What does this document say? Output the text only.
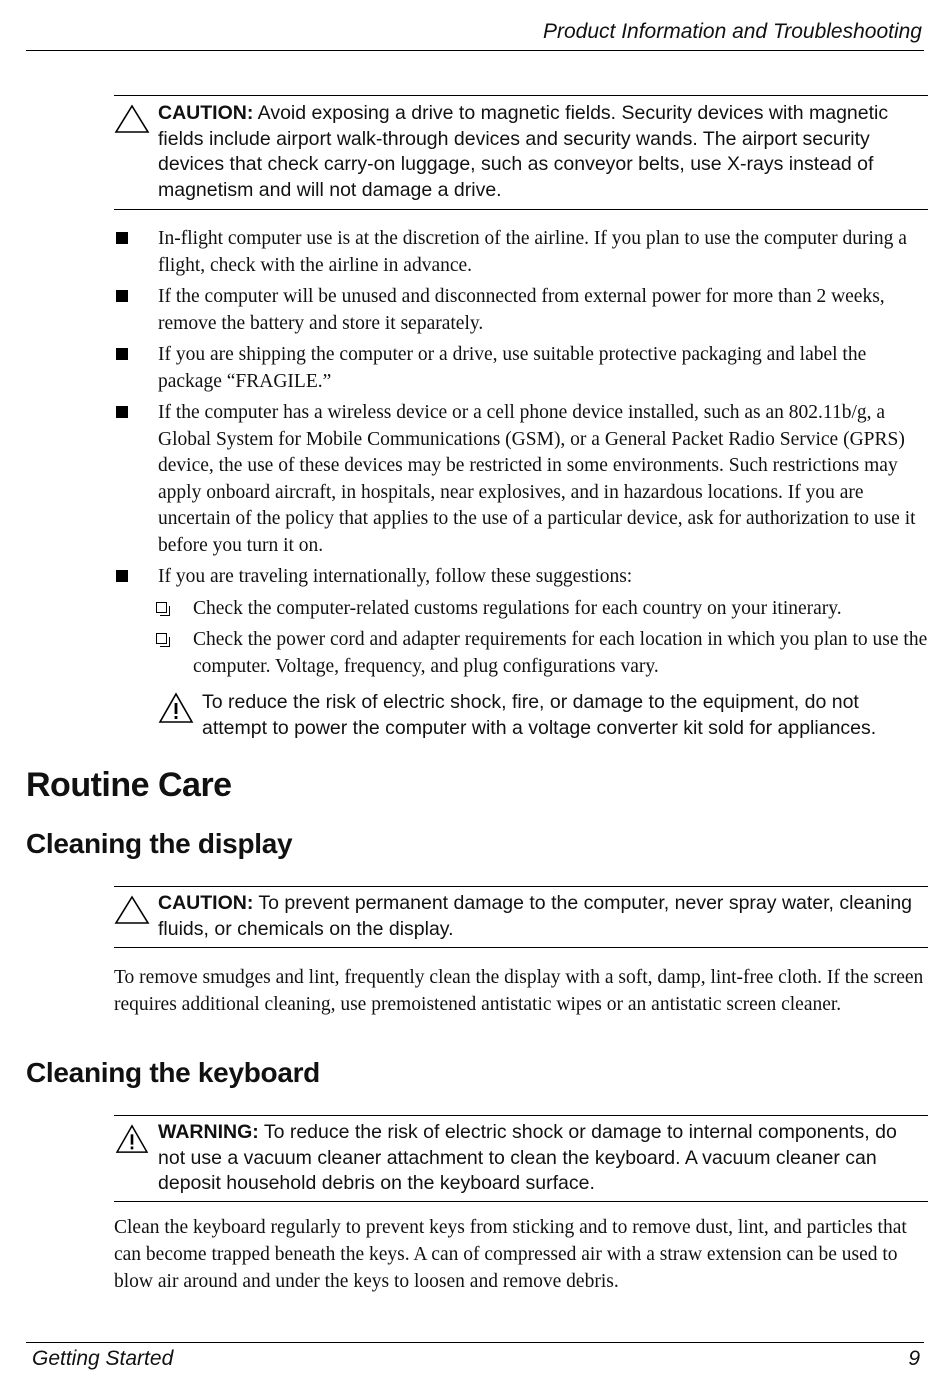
Product Information and Troubleshooting
CAUTION: Avoid exposing a drive to magnetic fields. Security devices with magnetic fields include airport walk-through devices and security wands. The airport security devices that check carry-on luggage, such as conveyor belts, use X-rays instead of magnetism and will not damage a drive.
In-flight computer use is at the discretion of the airline. If you plan to use the computer during a flight, check with the airline in advance.
If the computer will be unused and disconnected from external power for more than 2 weeks, remove the battery and store it separately.
If you are shipping the computer or a drive, use suitable protective packaging and label the package “FRAGILE.”
If the computer has a wireless device or a cell phone device installed, such as an 802.11b/g, a Global System for Mobile Communications (GSM), or a General Packet Radio Service (GPRS) device, the use of these devices may be restricted in some environments. Such restrictions may apply onboard aircraft, in hospitals, near explosives, and in hazardous locations. If you are uncertain of the policy that applies to the use of a particular device, ask for authorization to use it before you turn it on.
If you are traveling internationally, follow these suggestions:
Check the computer-related customs regulations for each country on your itinerary.
Check the power cord and adapter requirements for each location in which you plan to use the computer. Voltage, frequency, and plug configurations vary.
To reduce the risk of electric shock, fire, or damage to the equipment, do not attempt to power the computer with a voltage converter kit sold for appliances.
Routine Care
Cleaning the display
CAUTION: To prevent permanent damage to the computer, never spray water, cleaning fluids, or chemicals on the display.
To remove smudges and lint, frequently clean the display with a soft, damp, lint-free cloth. If the screen requires additional cleaning, use premoistened antistatic wipes or an antistatic screen cleaner.
Cleaning the keyboard
WARNING: To reduce the risk of electric shock or damage to internal components, do not use a vacuum cleaner attachment to clean the keyboard. A vacuum cleaner can deposit household debris on the keyboard surface.
Clean the keyboard regularly to prevent keys from sticking and to remove dust, lint, and particles that can become trapped beneath the keys. A can of compressed air with a straw extension can be used to blow air around and under the keys to loosen and remove debris.
Getting Started	9
